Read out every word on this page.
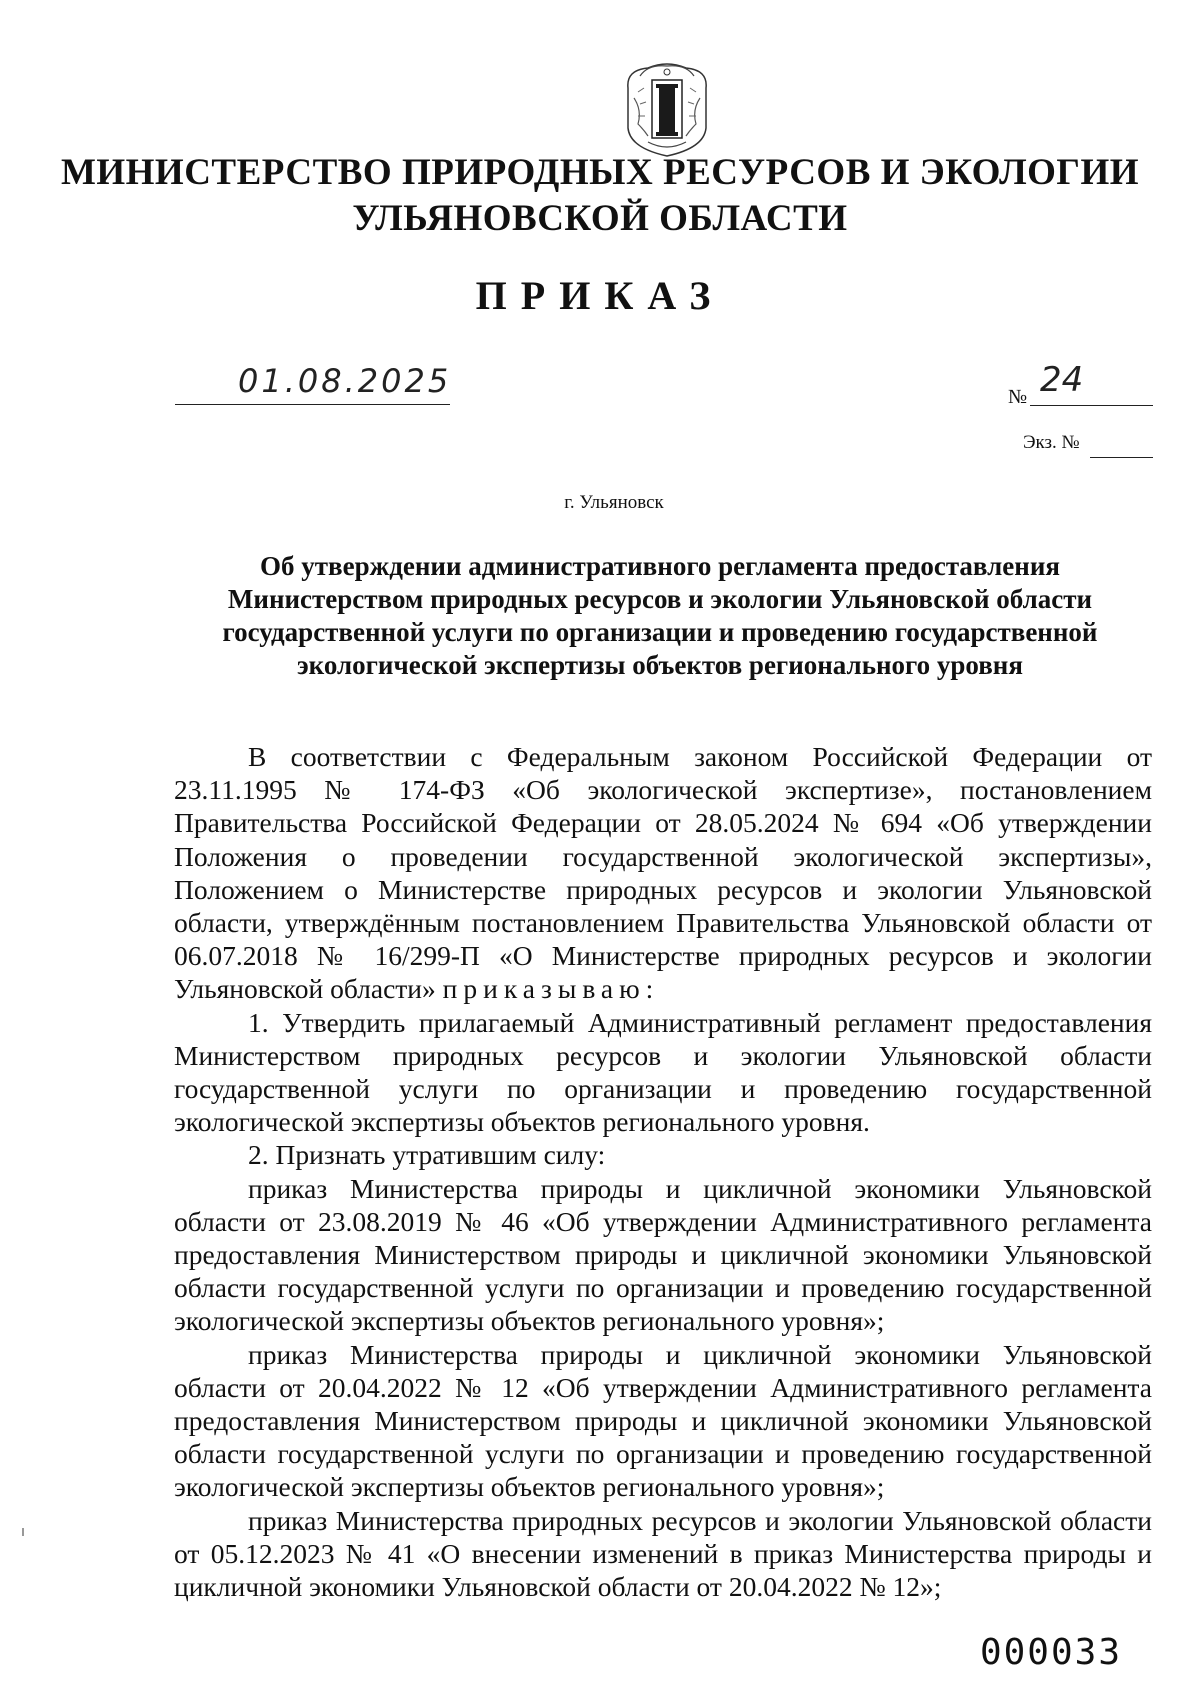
МИНИСТЕРСТВО ПРИРОДНЫХ РЕСУРСОВ И ЭКОЛОГИИ
УЛЬЯНОВСКОЙ ОБЛАСТИ
ПРИКАЗ
01.08.2025	№ 24
Экз. №
г. Ульяновск
Об утверждении административного регламента предоставления Министерством природных ресурсов и экологии Ульяновской области государственной услуги по организации и проведению государственной экологической экспертизы объектов регионального уровня

В соответствии с Федеральным законом Российской Федерации от 23.11.1995 № 174-ФЗ «Об экологической экспертизе», постановлением Правительства Российской Федерации от 28.05.2024 № 694 «Об утверждении Положения о проведении государственной экологической экспертизы», Положением о Министерстве природных ресурсов и экологии Ульяновской области, утверждённым постановлением Правительства Ульяновской области от 06.07.2018 № 16/299-П «О Министерстве природных ресурсов и экологии Ульяновской области» приказываю:

1. Утвердить прилагаемый Административный регламент предоставления Министерством природных ресурсов и экологии Ульяновской области государственной услуги по организации и проведению государственной экологической экспертизы объектов регионального уровня.

2. Признать утратившим силу:

приказ Министерства природы и цикличной экономики Ульяновской области от 23.08.2019 № 46 «Об утверждении Административного регламента предоставления Министерством природы и цикличной экономики Ульяновской области государственной услуги по организации и проведению государственной экологической экспертизы объектов регионального уровня»;

приказ Министерства природы и цикличной экономики Ульяновской области от 20.04.2022 № 12 «Об утверждении Административного регламента предоставления Министерством природы и цикличной экономики Ульяновской области государственной услуги по организации и проведению государственной экологической экспертизы объектов регионального уровня»;

приказ Министерства природных ресурсов и экологии Ульяновской области от 05.12.2023 № 41 «О внесении изменений в приказ Министерства природы и цикличной экономики Ульяновской области от 20.04.2022 № 12»;

000033
